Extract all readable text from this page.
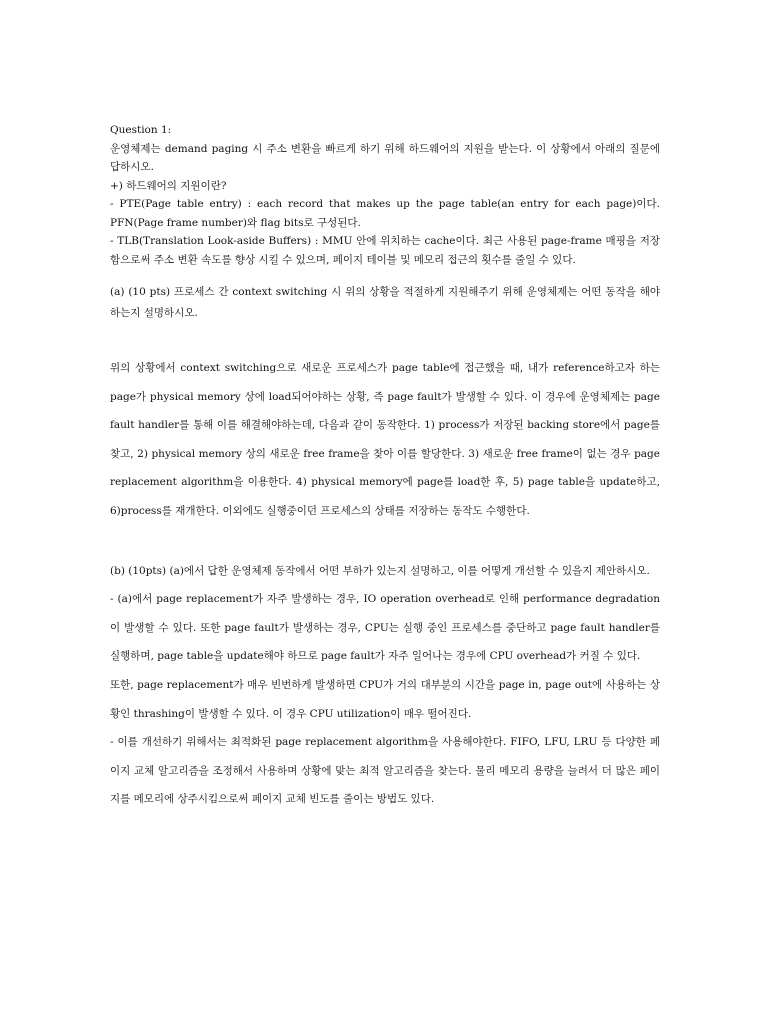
Question 1:

운영체제는 demand paging 시 주소 변환을 빠르게 하기 위해 하드웨어의 지원을 받는다. 이 상황에서 아래의 질문에 답하시오.

+) 하드웨어의 지원이란?

- PTE(Page table entry) : each record that makes up the page table(an entry for each page)이다. PFN(Page frame number)와 flag bits로 구성된다.

- TLB(Translation Look-aside Buffers) : MMU 안에 위치하는 cache이다. 최근 사용된 page-frame 매핑을 저장함으로써 주소 변환 속도를 향상 시킬 수 있으며, 페이지 테이블 및 메모리 접근의 횟수를 줄일 수 있다.

(a) (10 pts) 프로세스 간 context switching 시 위의 상황을 적절하게 지원해주기 위해 운영체제는 어떤 동작을 해야하는지 설명하시오.

위의 상황에서 context switching으로 새로운 프로세스가 page table에 접근했을 때, 내가 reference하고자 하는 page가 physical memory 상에 load되어야하는 상황, 즉 page fault가 발생할 수 있다. 이 경우에 운영체제는 page fault handler를 통해 이를 해결해야하는데, 다음과 같이 동작한다. 1) process가 저장된 backing store에서 page를 찾고, 2) physical memory 상의 새로운 free frame을 찾아 이를 할당한다. 3) 새로운 free frame이 없는 경우 page replacement algorithm을 이용한다. 4) physical memory에 page를 load한 후, 5) page table을 update하고, 6)process를 재개한다. 이외에도 실행중이던 프로세스의 상태를 저장하는 동작도 수행한다.

(b) (10pts) (a)에서 답한 운영체제 동작에서 어떤 부하가 있는지 설명하고, 이를 어떻게 개선할 수 있을지 제안하시오.

- (a)에서 page replacement가 자주 발생하는 경우, IO operation overhead로 인해 performance degradation이 발생할 수 있다. 또한 page fault가 발생하는 경우, CPU는 실행 중인 프로세스를 중단하고 page fault handler를 실행하며, page table을 update해야 하므로 page fault가 자주 일어나는 경우에 CPU overhead가 커질 수 있다.

또한, page replacement가 매우 빈번하게 발생하면 CPU가 거의 대부분의 시간을 page in, page out에 사용하는 상황인 thrashing이 발생할 수 있다. 이 경우 CPU utilization이 매우 떨어진다.

- 이를 개선하기 위해서는 최적화된 page replacement algorithm을 사용해야한다. FIFO, LFU, LRU 등 다양한 페이지 교체 알고리즘을 조정해서 사용하며 상황에 맞는 최적 알고리즘을 찾는다. 물리 메모리 용량을 늘려서 더 많은 페이지를 메모리에 상주시킴으로써 페이지 교체 빈도를 줄이는 방법도 있다.
